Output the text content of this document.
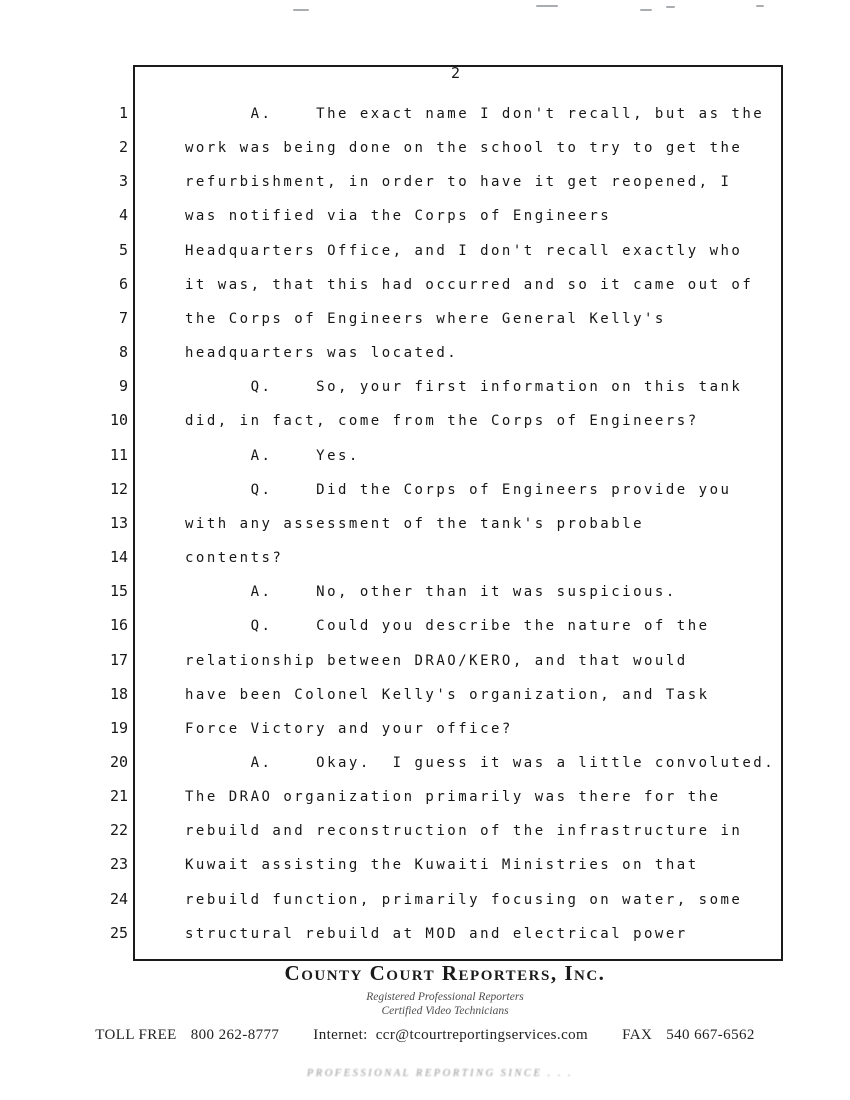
2
1	A.    The exact name I don't recall, but as the
2	work was being done on the school to try to get the
3	refurbishment, in order to have it get reopened, I
4	was notified via the Corps of Engineers
5	Headquarters Office, and I don't recall exactly who
6	it was, that this had occurred and so it came out of
7	the Corps of Engineers where General Kelly's
8	headquarters was located.
9	Q.    So, your first information on this tank
10	did, in fact, come from the Corps of Engineers?
11	A.    Yes.
12	Q.    Did the Corps of Engineers provide you
13	with any assessment of the tank's probable
14	contents?
15	A.    No, other than it was suspicious.
16	Q.    Could you describe the nature of the
17	relationship between DRAO/KERO, and that would
18	have been Colonel Kelly's organization, and Task
19	Force Victory and your office?
20	A.    Okay.  I guess it was a little convoluted.
21	The DRAO organization primarily was there for the
22	rebuild and reconstruction of the infrastructure in
23	Kuwait assisting the Kuwaiti Ministries on that
24	rebuild function, primarily focusing on water, some
25	structural rebuild at MOD and electrical power
County Court Reporters, Inc.
Registered Professional Reporters
Certified Video Technicians
TOLL FREE 800 262-8777 Internet: ccr@tcourtreportingservices.com FAX 540 667-6562
PROFESSIONAL REPORTING SINCE . . .
